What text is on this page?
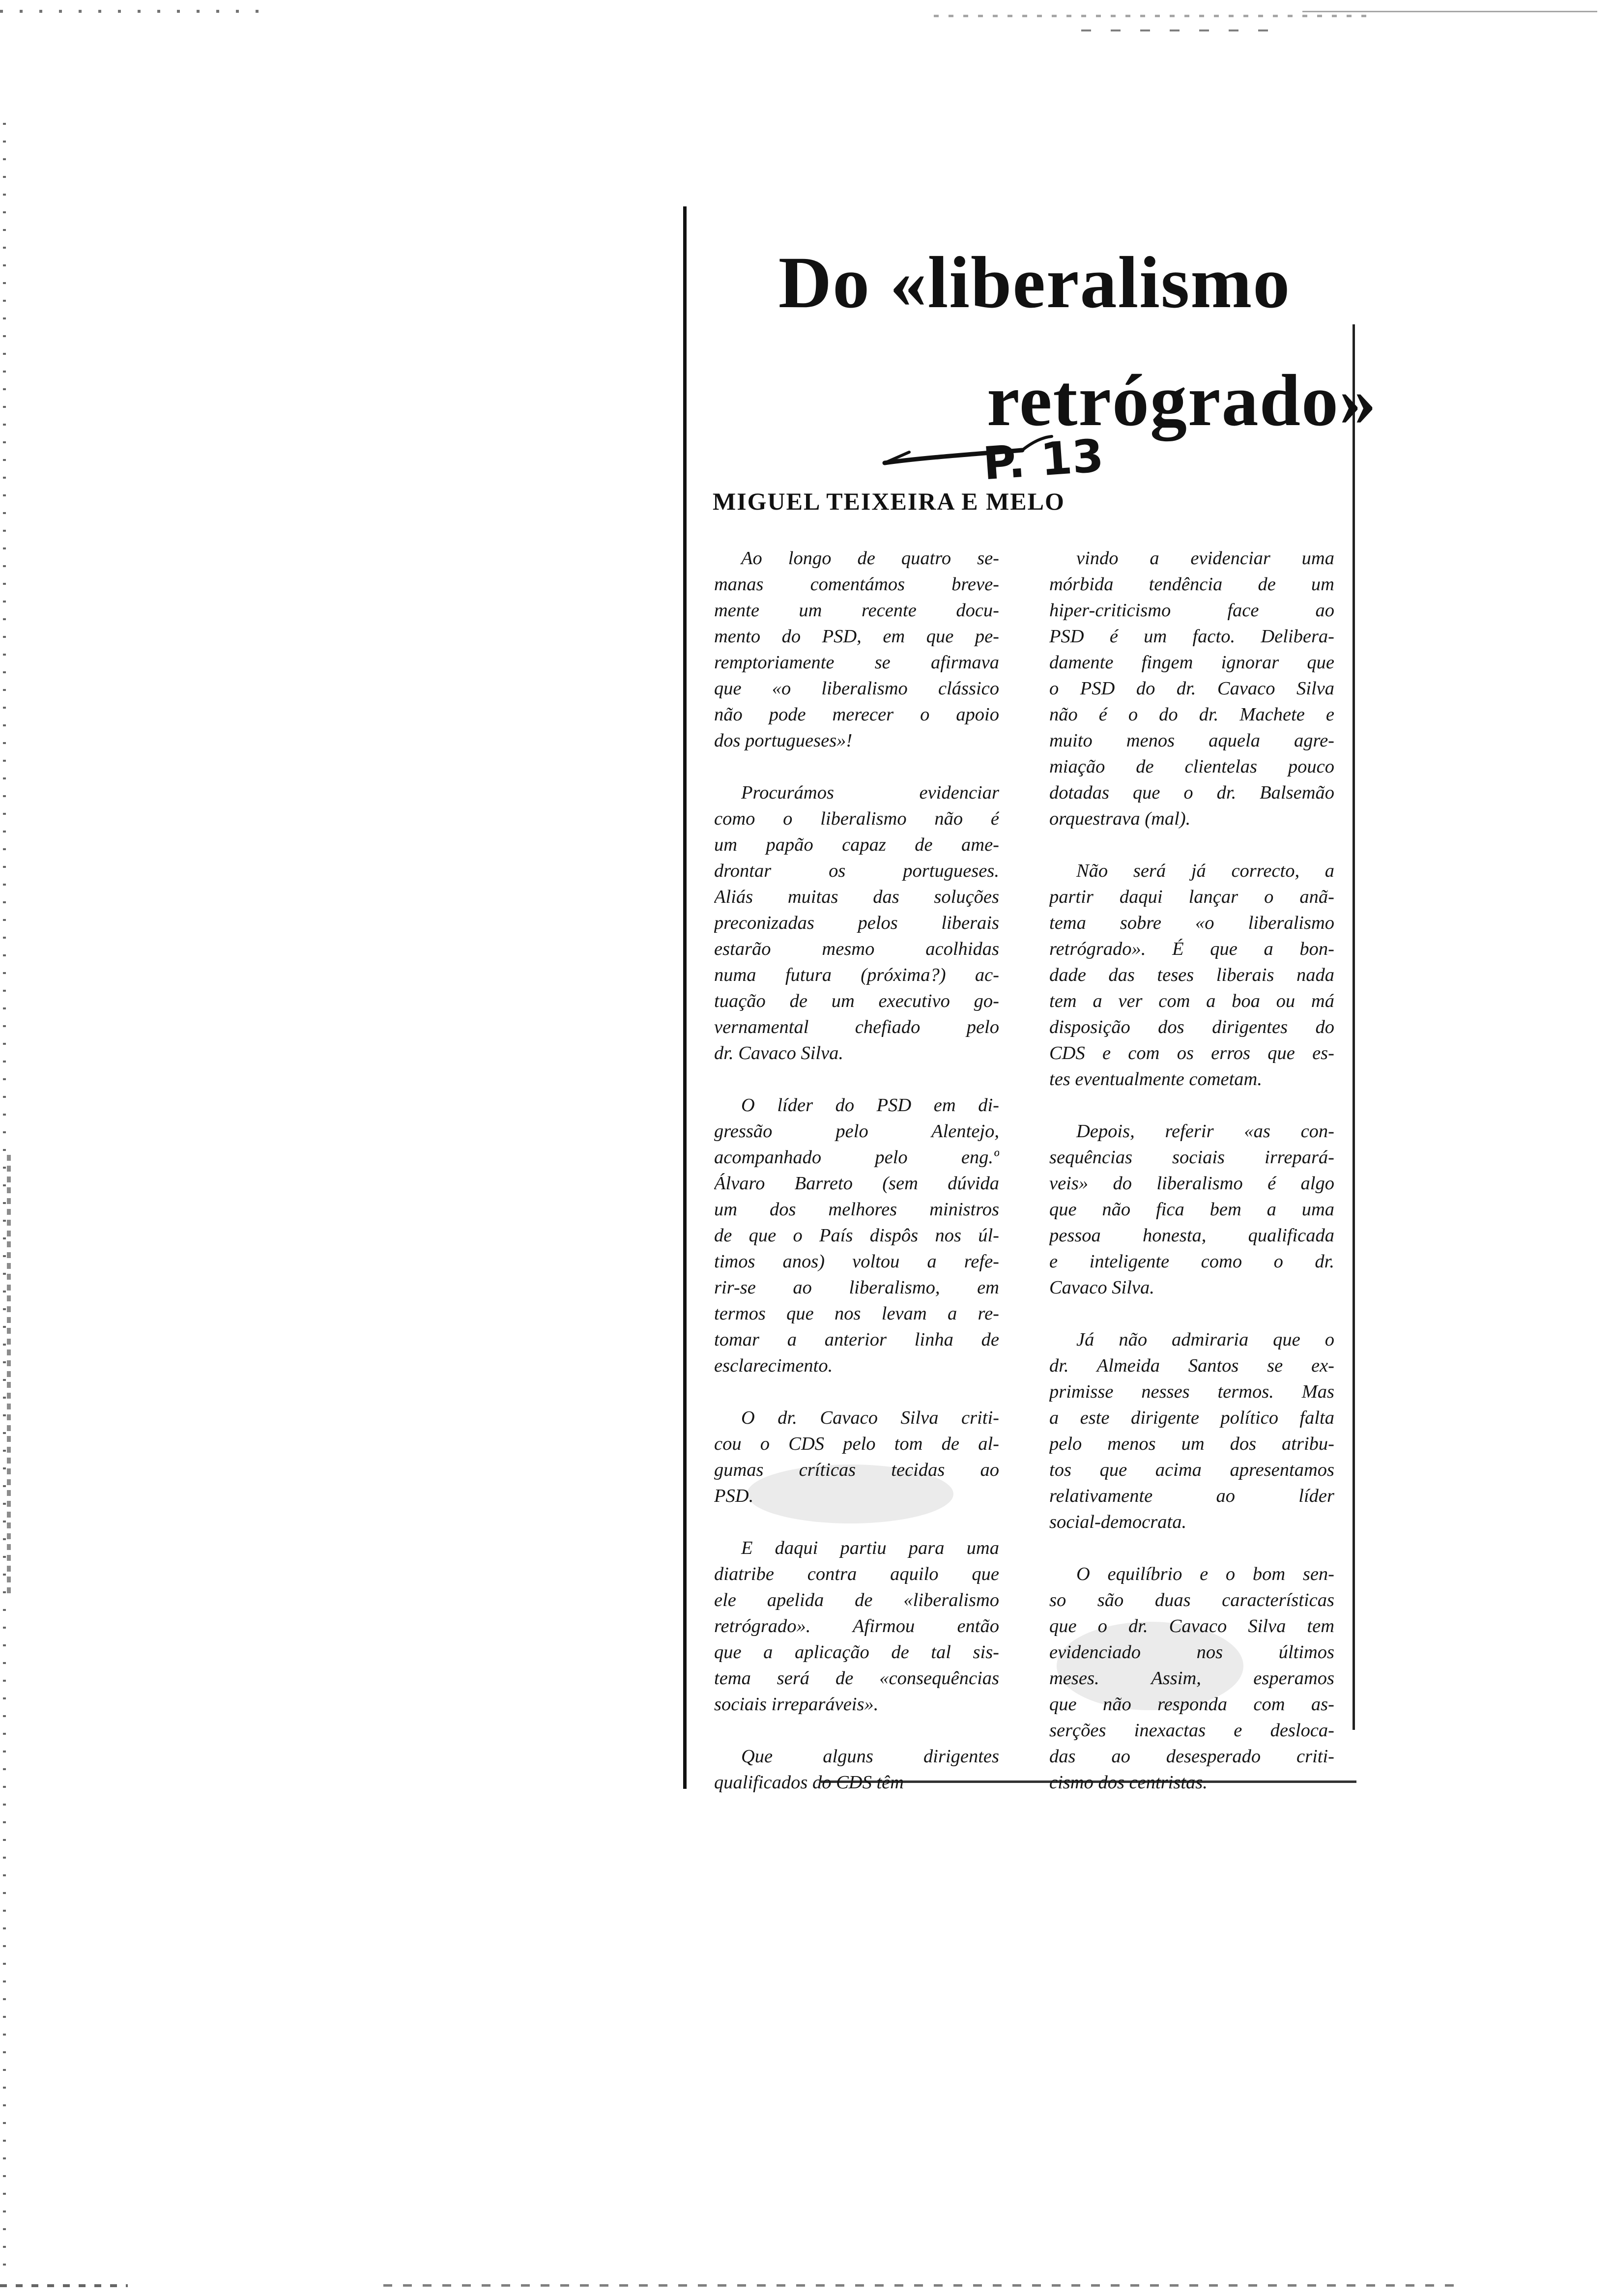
Do «liberalismo
retrógrado»
P. 13
MIGUEL TEIXEIRA E MELO

Ao longo de quatro se-
manas comentámos breve-
mente um recente docu-
mento do PSD, em que pe-
remptoriamente se afirmava
que «o liberalismo clássico
não pode merecer o apoio
dos portugueses»!

Procurámos evidenciar
como o liberalismo não é
um papão capaz de ame-
drontar os portugueses.
Aliás muitas das soluções
preconizadas pelos liberais
estarão mesmo acolhidas
numa futura (próxima?) ac-
tuação de um executivo go-
vernamental chefiado pelo
dr. Cavaco Silva.

O líder do PSD em di-
gressão pelo Alentejo,
acompanhado pelo eng.º
Álvaro Barreto (sem dúvida
um dos melhores ministros
de que o País dispôs nos úl-
timos anos) voltou a refe-
rir-se ao liberalismo, em
termos que nos levam a re-
tomar a anterior linha de
esclarecimento.

O dr. Cavaco Silva criti-
cou o CDS pelo tom de al-
gumas críticas tecidas ao
PSD.

E daqui partiu para uma
diatribe contra aquilo que
ele apelida de «liberalismo
retrógrado». Afirmou então
que a aplicação de tal sis-
tema será de «consequências
sociais irreparáveis».

Que alguns dirigentes
qualificados do CDS têm

vindo a evidenciar uma
mórbida tendência de um
hiper-criticismo face ao
PSD é um facto. Delibera-
damente fingem ignorar que
o PSD do dr. Cavaco Silva
não é o do dr. Machete e
muito menos aquela agre-
miação de clientelas pouco
dotadas que o dr. Balsemão
orquestrava (mal).

Não será já correcto, a
partir daqui lançar o anã-
tema sobre «o liberalismo
retrógrado». É que a bon-
dade das teses liberais nada
tem a ver com a boa ou má
disposição dos dirigentes do
CDS e com os erros que es-
tes eventualmente cometam.

Depois, referir «as con-
sequências sociais irrepará-
veis» do liberalismo é algo
que não fica bem a uma
pessoa honesta, qualificada
e inteligente como o dr.
Cavaco Silva.

Já não admiraria que o
dr. Almeida Santos se ex-
primisse nesses termos. Mas
a este dirigente político falta
pelo menos um dos atribu-
tos que acima apresentamos
relativamente ao líder
social-democrata.

O equilíbrio e o bom sen-
so são duas características
que o dr. Cavaco Silva tem
evidenciado nos últimos
meses. Assim, esperamos
que não responda com as-
serções inexactas e desloca-
das ao desesperado criti-
cismo dos centristas.
